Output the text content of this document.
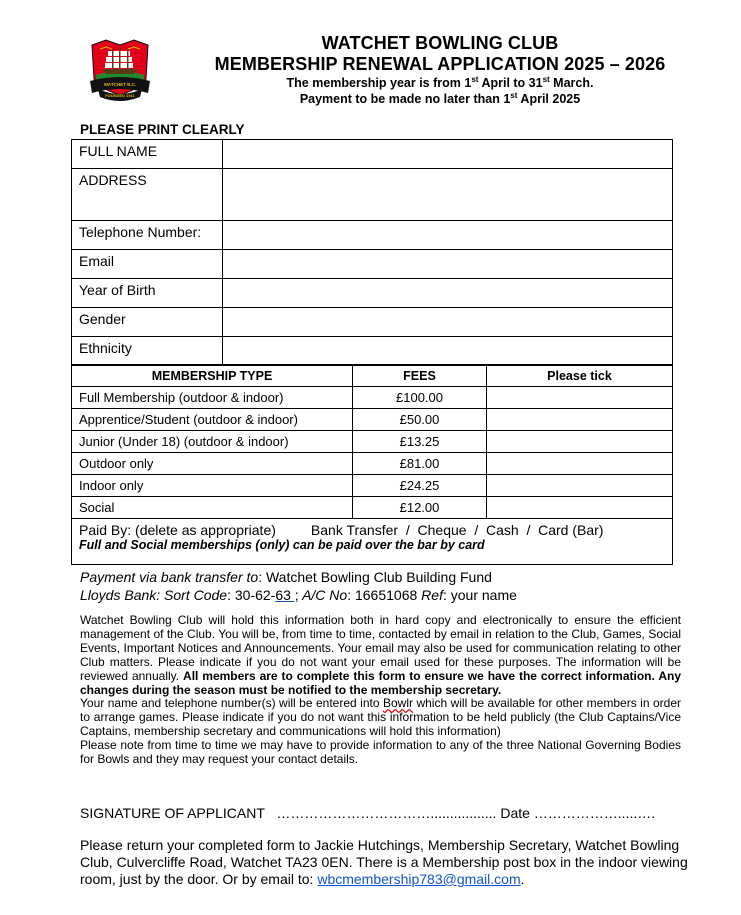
WATCHET B.C.
FOUNDED 1911
WATCHET BOWLING CLUB
MEMBERSHIP RENEWAL APPLICATION 2025 – 2026
The membership year is from 1st April to 31st March.
Payment to be made no later than 1st April 2025
PLEASE PRINT CLEARLY
FULL NAME	
ADDRESS	
Telephone Number:	
Email	
Year of Birth	
Gender	
Ethnicity	
MEMBERSHIP TYPE	FEES	Please tick
Full Membership (outdoor & indoor)	£100.00	
Apprentice/Student (outdoor & indoor)	£50.00	
Junior (Under 18) (outdoor & indoor)	£13.25	
Outdoor only	£81.00	
Indoor only	£24.25	
Social	£12.00	

Paid By: (delete as appropriate) Bank Transfer  /  Cheque  /  Cash  /  Card (Bar)
Full and Social memberships (only) can be paid over the bar by card		
Payment via bank transfer to: Watchet Bowling Club Building Fund
Lloyds Bank: Sort Code: 30-62-63 ; A/C No: 16651068 Ref: your name

Watchet Bowling Club will hold this information both in hard copy and electronically to ensure the efficient management of the Club. You will be, from time to time, contacted by email in relation to the Club, Games, Social Events, Important Notices and Announcements. Your email may also be used for communication relating to other Club matters. Please indicate if you do not want your email used for these purposes. The information will be reviewed annually. All members are to complete this form to ensure we have the correct information. Any changes during the season must be notified to the membership secretary.

Your name and telephone number(s) will be entered into Bowlr which will be available for other members in order to arrange games. Please indicate if you do not want this information to be held publicly (the Club Captains/Vice Captains, membership secretary and communications will hold this information)

Please note from time to time we may have to provide information to any of the three National Governing Bodies for Bowls and they may request your contact details.

SIGNATURE OF APPLICANT   ……………………………................. Date ……………….....….
Please return your completed form to Jackie Hutchings, Membership Secretary, Watchet Bowling Club, Culvercliffe Road, Watchet TA23 0EN. There is a Membership post box in the indoor viewing room, just by the door. Or by email to: wbcmembership783@gmail.com.
